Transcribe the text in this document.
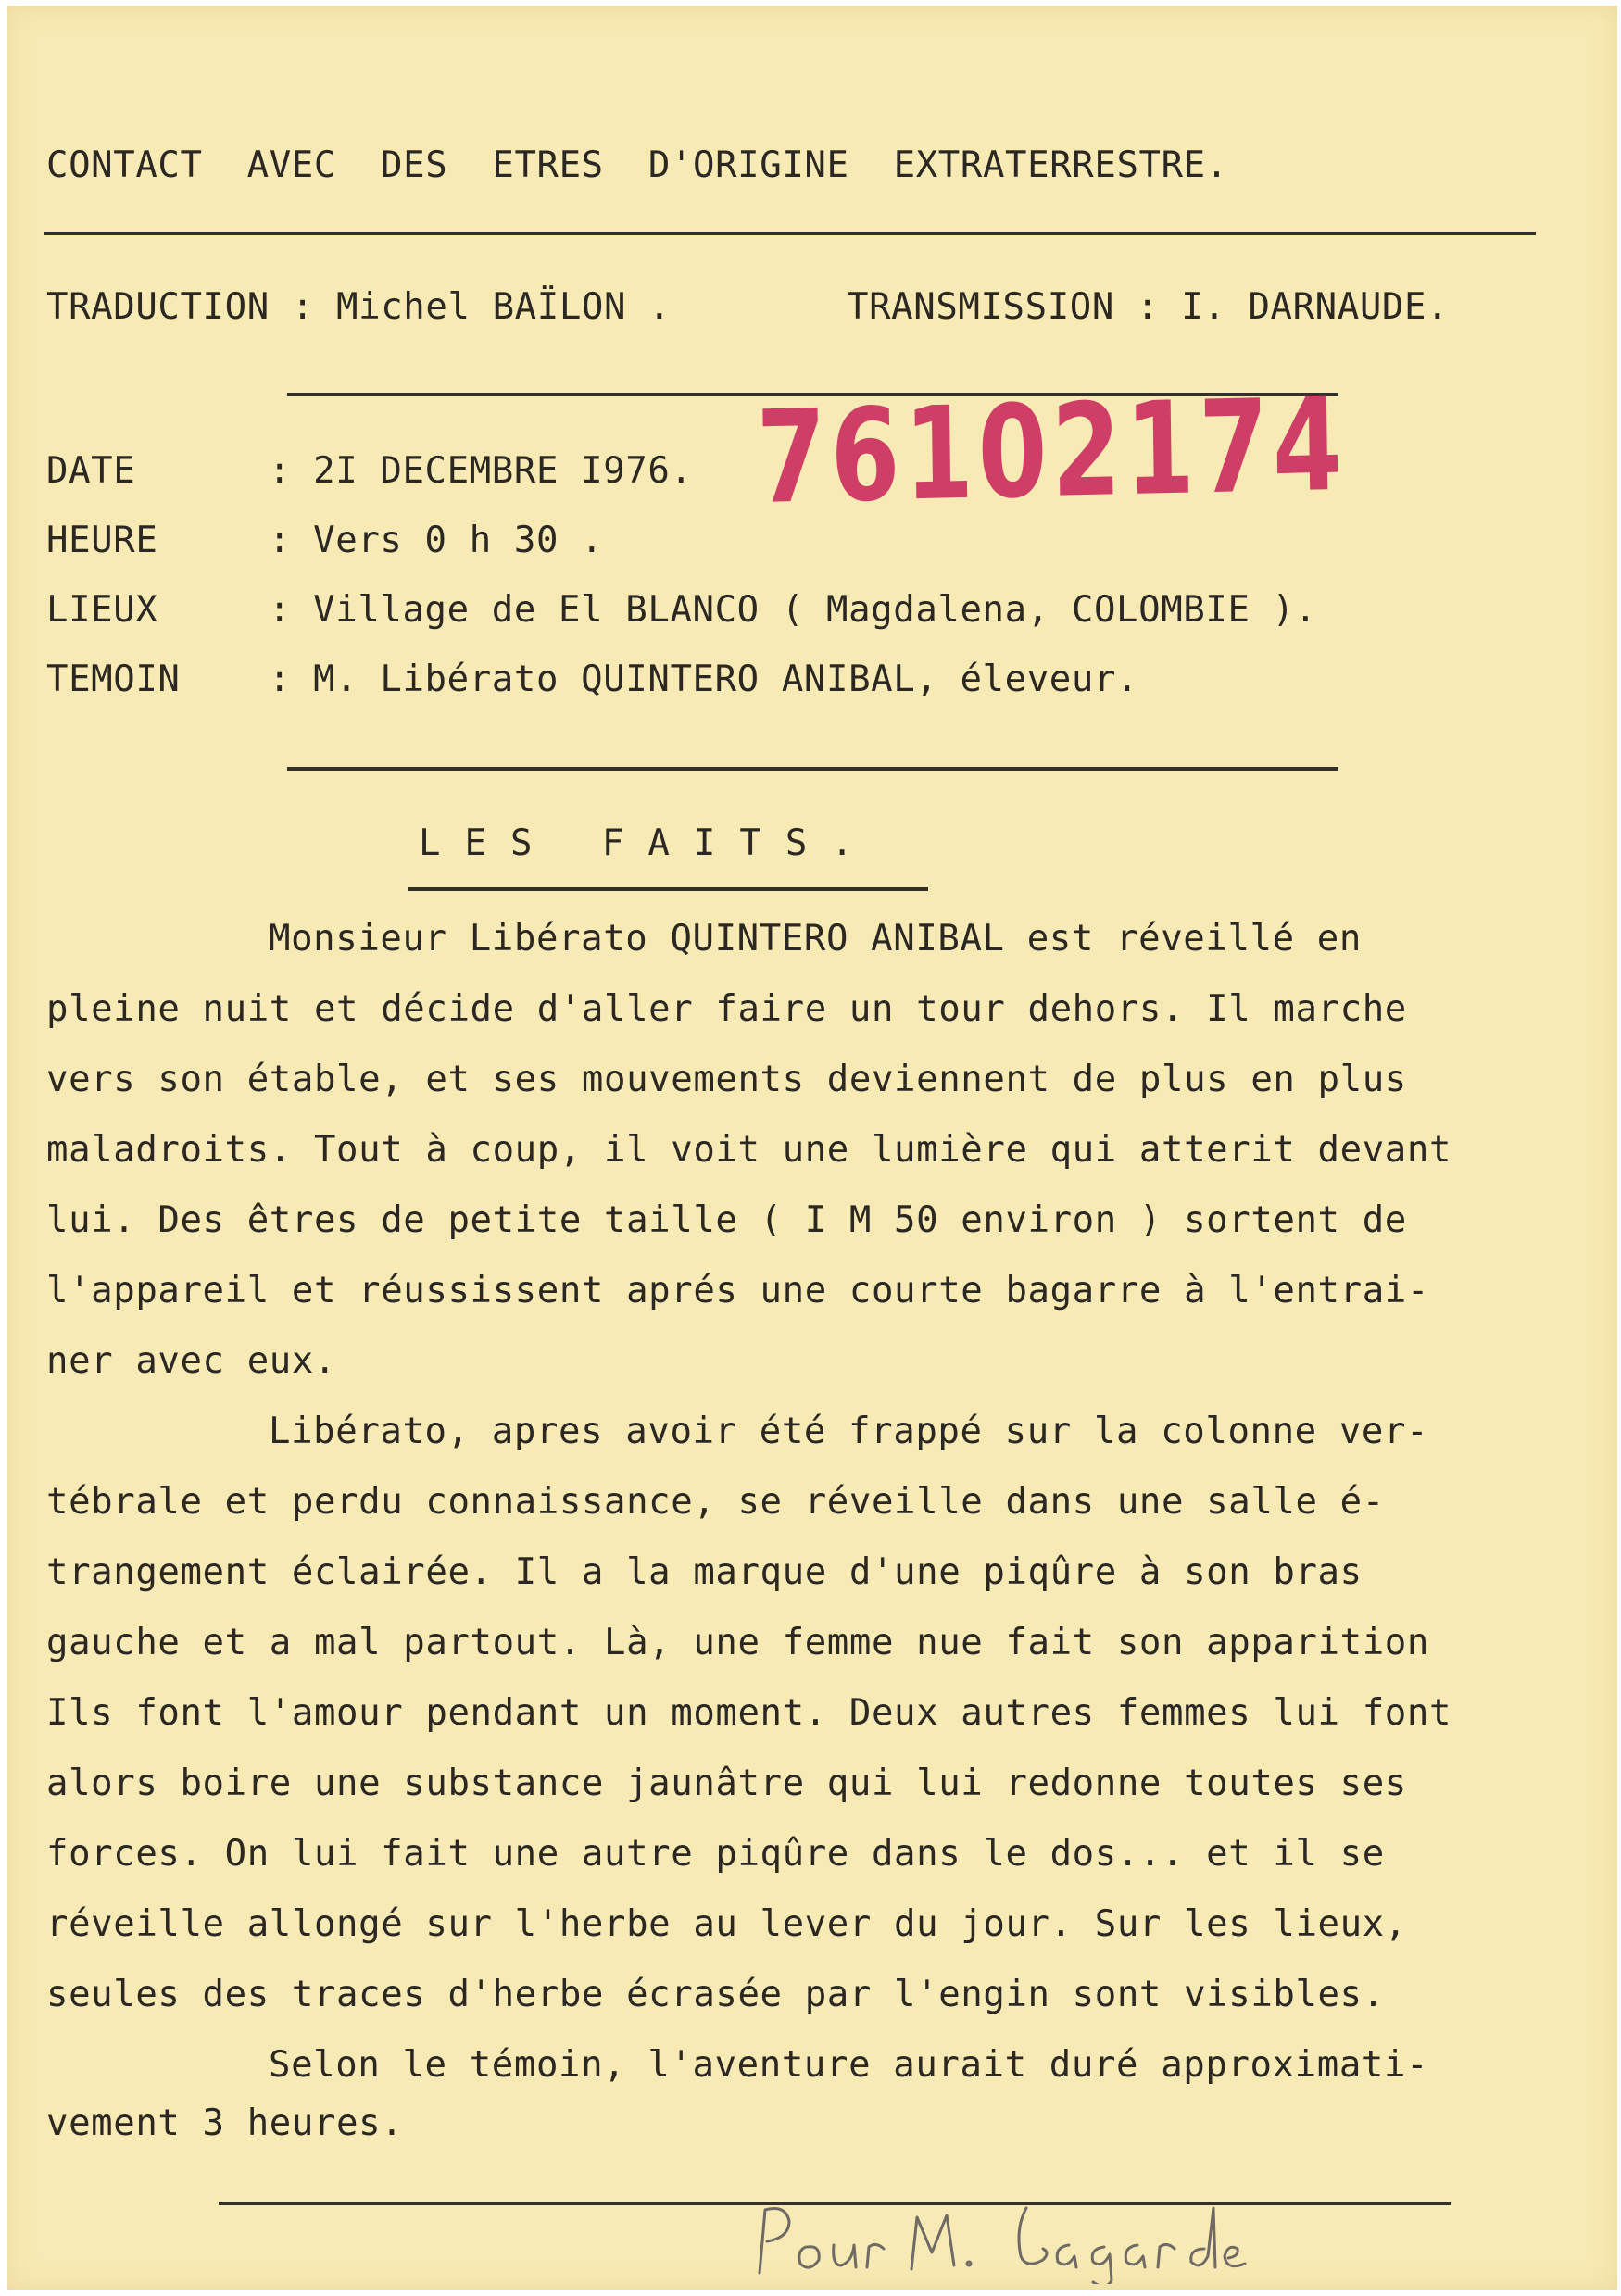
CONTACT AVEC DES ETRES D'ORIGINE EXTRATERRESTRE.

TRADUCTION : Michel BAÏLON .	TRANSMISSION : I. DARNAUDE.

DATE	: 2I DECEMBRE I976.

HEURE	: Vers 0 h 30 .

LIEUX	: Village de El BLANCO ( Magdalena, COLOMBIE ).

TEMOIN : M. Libérato QUINTERO ANIBAL, éleveur.

76102174

LES FAITS.

Monsieur Libérato QUINTERO ANIBAL est réveillé en

pleine nuit et décide d'aller faire un tour dehors. Il marche

vers son étable, et ses mouvements deviennent de plus en plus

maladroits. Tout à coup, il voit une lumière qui atterit devant

lui. Des êtres de petite taille ( I M 50 environ ) sortent de

l'appareil et réussissent aprés une courte bagarre à l'entrai-

ner avec eux.

Libérato, apres avoir été frappé sur la colonne ver-

tébrale et perdu connaissance, se réveille dans une salle é-

trangement éclairée. Il a la marque d'une piqûre à son bras

gauche et a mal partout. Là, une femme nue fait son apparition

Ils font l'amour pendant un moment. Deux autres femmes lui font

alors boire une substance jaunâtre qui lui redonne toutes ses

forces. On lui fait une autre piqûre dans le dos... et il se

réveille allongé sur l'herbe au lever du jour. Sur les lieux,

seules des traces d'herbe écrasée par l'engin sont visibles.

Selon le témoin, l'aventure aurait duré approximati-

vement 3 heures.
